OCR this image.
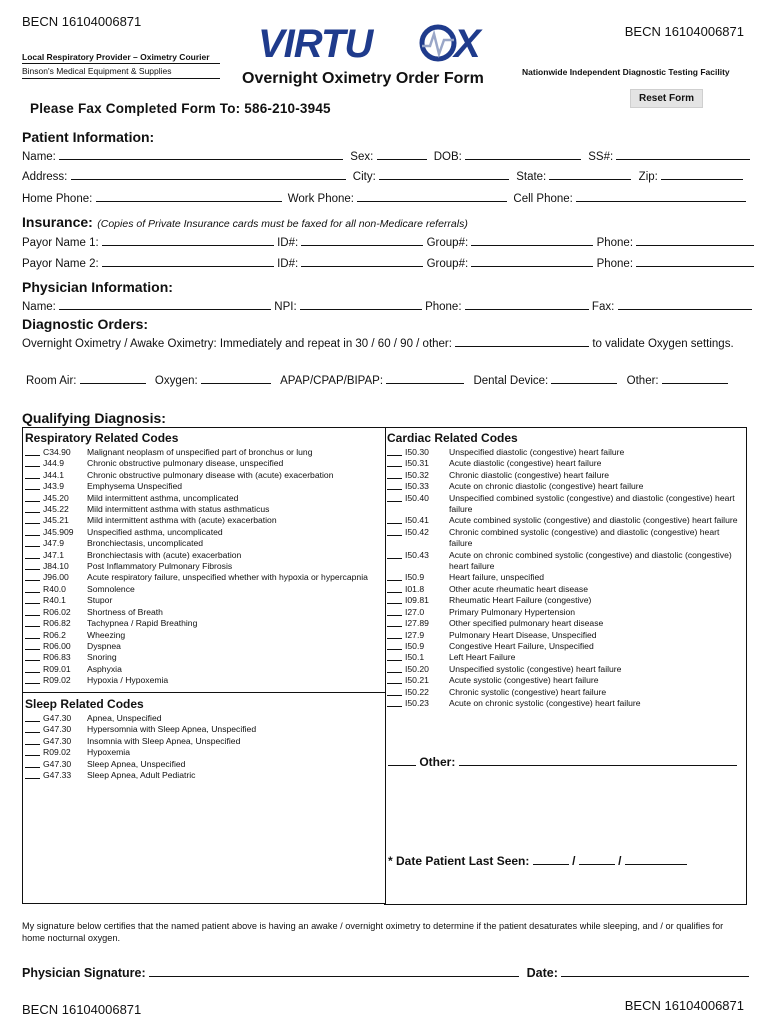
BECN 16104006871
BECN 16104006871
VIRTU X
Local Respiratory Provider – Oximetry Courier
Binson's Medical Equipment & Supplies	Overnight Oximetry Order Form	Nationwide Independent Diagnostic Testing Facility
Reset Form
Please Fax Completed Form To: 586-210-3945
Patient Information:
Name:	Sex:	DOB:	SS#:
Address:	City:	State:	Zip:
Home Phone:	Work Phone:	Cell Phone:
Insurance: (Copies of Private Insurance cards must be faxed for all non-Medicare referrals)
Payor Name 1:	ID#:	Group#:	Phone:
Payor Name 2:	ID#:	Group#:	Phone:
Physician Information:
Name:	NPI:	Phone:	Fax:
Diagnostic Orders:
Overnight Oximetry / Awake Oximetry: Immediately and repeat in 30 / 60 / 90 / other:	to validate Oxygen settings.
Room Air:	Oxygen:	APAP/CPAP/BIPAP:	Dental Device:	Other:
Qualifying Diagnosis:
Respiratory Related Codes
C34.90	Malignant neoplasm of unspecified part of bronchus or lung
J44.9	Chronic obstructive pulmonary disease, unspecified
J44.1	Chronic obstructive pulmonary disease with (acute) exacerbation
J43.9	Emphysema Unspecified
J45.20	Mild intermittent asthma, uncomplicated
J45.22	Mild intermittent asthma with status asthmaticus
J45.21	Mild intermittent asthma with (acute) exacerbation
J45.909	Unspecified asthma, uncomplicated
J47.9	Bronchiectasis, uncomplicated
J47.1	Bronchiectasis with (acute) exacerbation
J84.10	Post Inflammatory Pulmonary Fibrosis
J96.00	Acute respiratory failure, unspecified whether with hypoxia or hypercapnia
R40.0	Somnolence
R40.1	Stupor
R06.02	Shortness of Breath
R06.82	Tachypnea / Rapid Breathing
R06.2	Wheezing
R06.00	Dyspnea
R06.83	Snoring
R09.01	Asphyxia
R09.02	Hypoxia / Hypoxemia
Sleep Related Codes
G47.30	Apnea, Unspecified
G47.30	Hypersomnia with Sleep Apnea, Unspecified
G47.30	Insomnia with Sleep Apnea, Unspecified
R09.02	Hypoxemia
G47.30	Sleep Apnea, Unspecified
G47.33	Sleep Apnea, Adult Pediatric
Cardiac Related Codes
I50.30	Unspecified diastolic (congestive) heart failure
I50.31	Acute diastolic (congestive) heart failure
I50.32	Chronic diastolic (congestive) heart failure
I50.33	Acute on chronic diastolic (congestive) heart failure
I50.40	Unspecified combined systolic (congestive) and diastolic (congestive) heart failure
I50.41	Acute combined systolic (congestive) and diastolic (congestive) heart failure
I50.42	Chronic combined systolic (congestive) and diastolic (congestive) heart failure
I50.43	Acute on chronic combined systolic (congestive) and diastolic (congestive) heart failure
I50.9	Heart failure, unspecified
I01.8	Other acute rheumatic heart disease
I09.81	Rheumatic Heart Failure (congestive)
I27.0	Primary Pulmonary Hypertension
I27.89	Other specified pulmonary heart disease
I27.9	Pulmonary Heart Disease, Unspecified
I50.9	Congestive Heart Failure, Unspecified
I50.1	Left Heart Failure
I50.20	Unspecified systolic (congestive) heart failure
I50.21	Acute systolic (congestive) heart failure
I50.22	Chronic systolic (congestive) heart failure
I50.23	Acute on chronic systolic (congestive) heart failure
Other:
* Date Patient Last Seen:	/	/
My signature below certifies that the named patient above is having an awake / overnight oximetry to determine if the patient desaturates while sleeping, and / or qualifies for home nocturnal oxygen.
Physician Signature:	Date:
BECN 16104006871	BECN 16104006871
